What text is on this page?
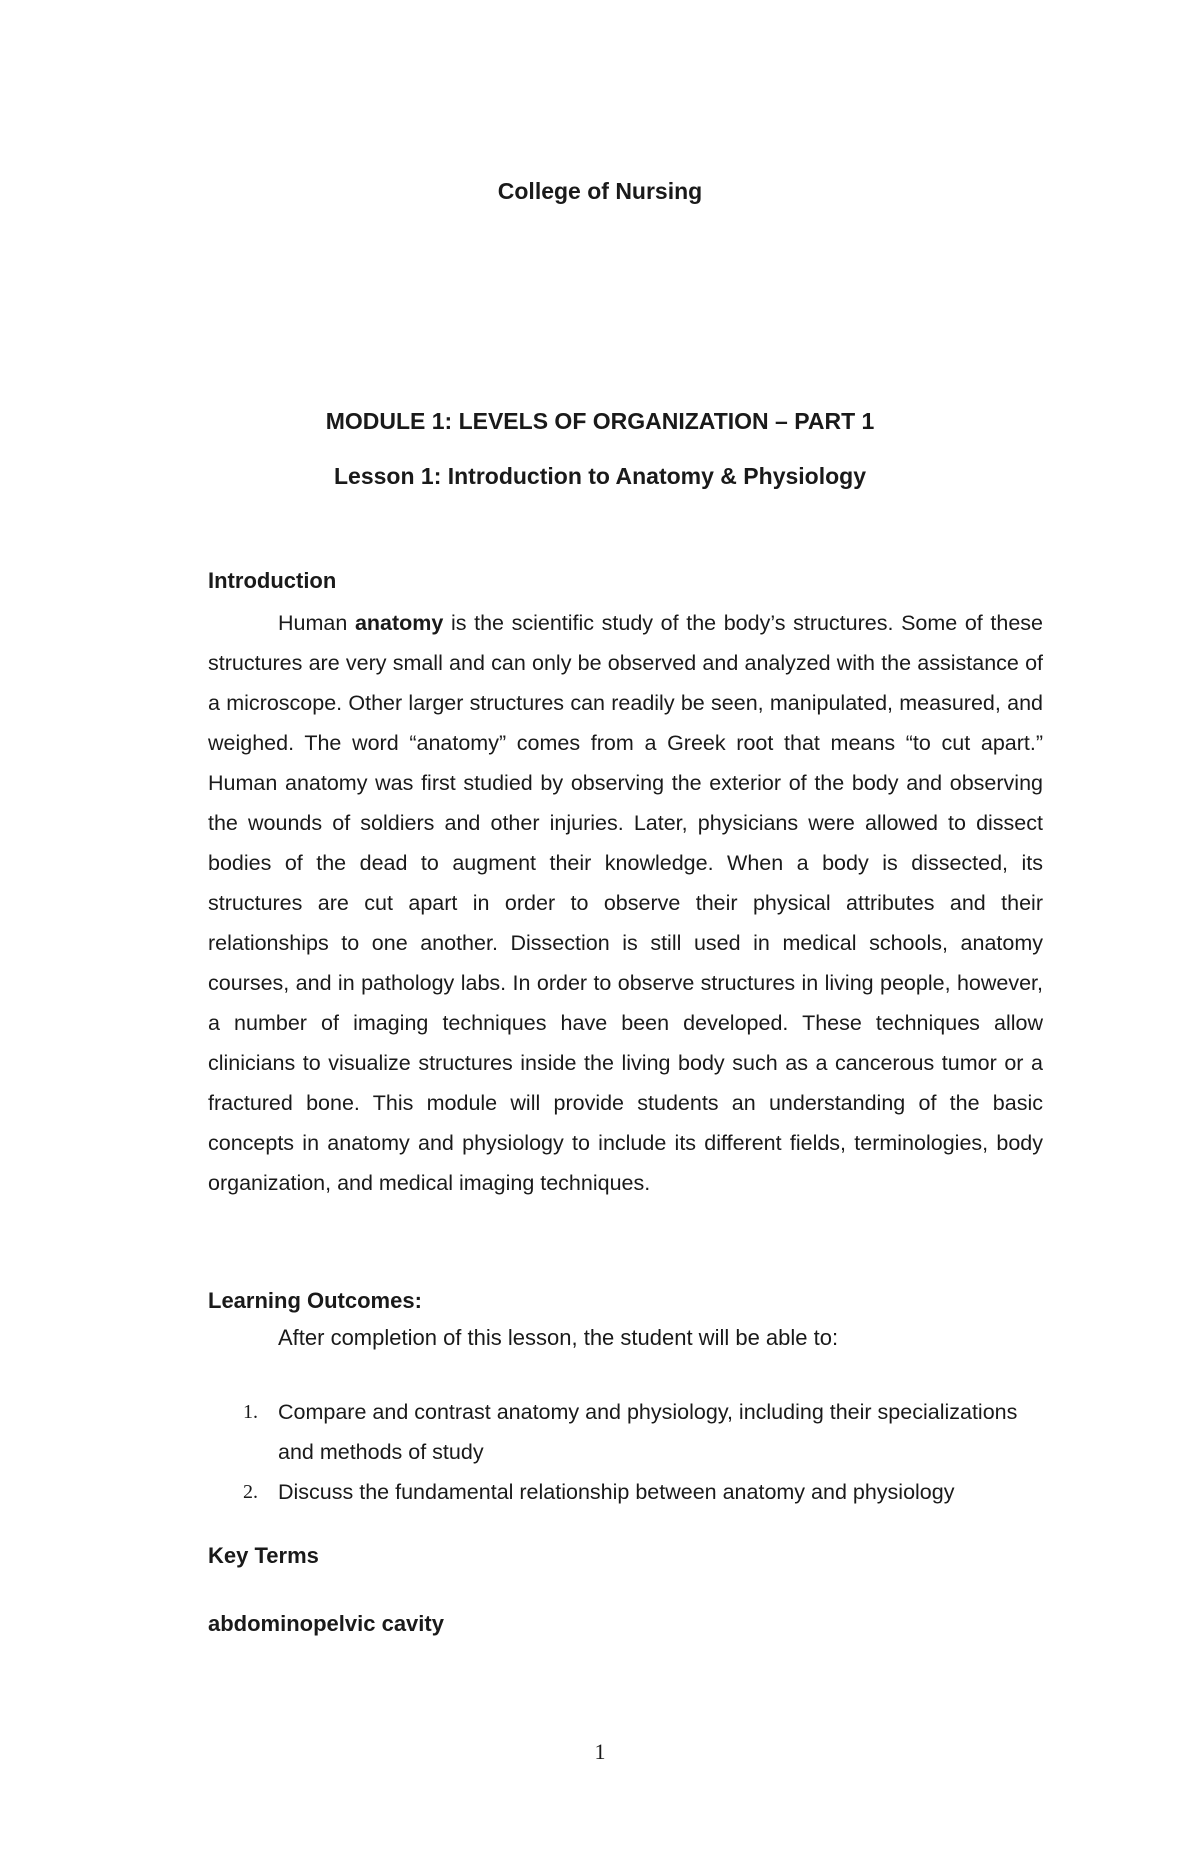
College of Nursing
MODULE 1: LEVELS OF ORGANIZATION – PART 1
Lesson 1: Introduction to Anatomy & Physiology
Introduction

Human anatomy is the scientific study of the body’s structures. Some of these structures are very small and can only be observed and analyzed with the assistance of a microscope. Other larger structures can readily be seen, manipulated, measured, and weighed. The word “anatomy” comes from a Greek root that means “to cut apart.” Human anatomy was first studied by observing the exterior of the body and observing the wounds of soldiers and other injuries. Later, physicians were allowed to dissect bodies of the dead to augment their knowledge. When a body is dissected, its structures are cut apart in order to observe their physical attributes and their relationships to one another. Dissection is still used in medical schools, anatomy courses, and in pathology labs. In order to observe structures in living people, however, a number of imaging techniques have been developed. These techniques allow clinicians to visualize structures inside the living body such as a cancerous tumor or a fractured bone. This module will provide students an understanding of the basic concepts in anatomy and physiology to include its different fields, terminologies, body organization, and medical imaging techniques.

Learning Outcomes:

After completion of this lesson, the student will be able to:

1. Compare and contrast anatomy and physiology, including their specializations and methods of study
2. Discuss the fundamental relationship between anatomy and physiology
Key Terms
abdominopelvic cavity
1
